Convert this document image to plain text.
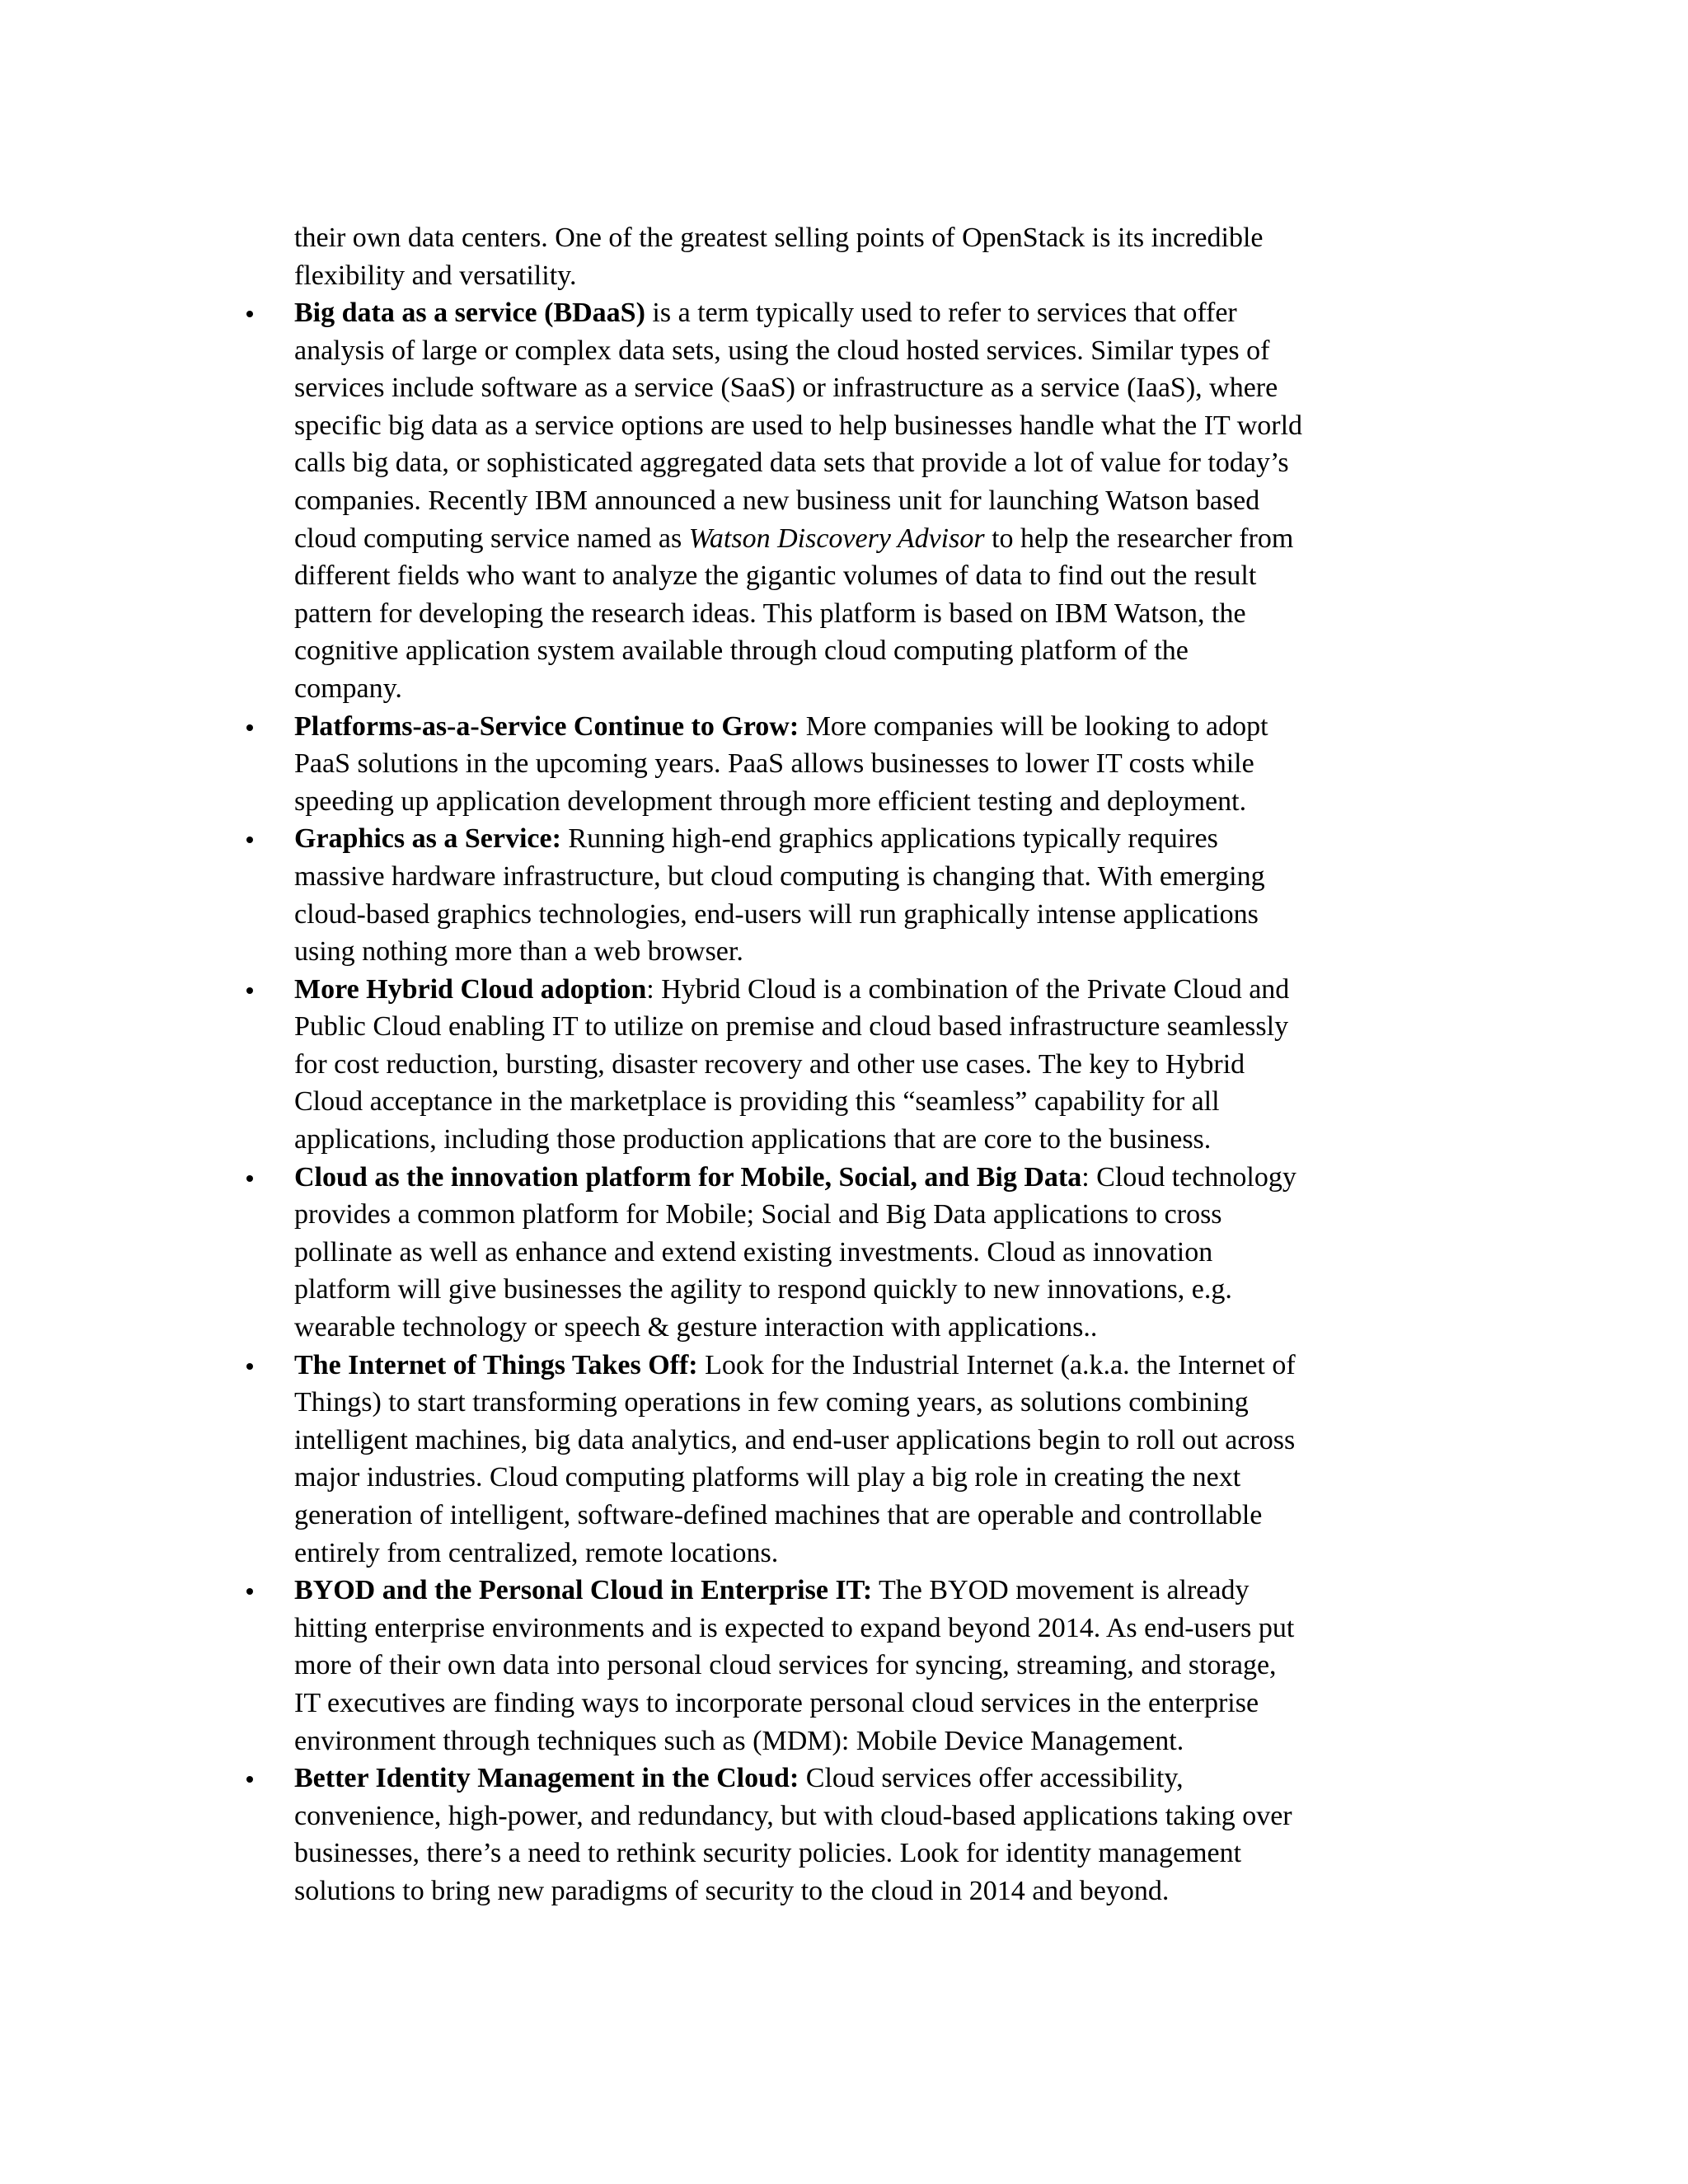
their own data centers. One of the greatest selling points of OpenStack is its incredible
flexibility and versatility.
Big data as a service (BDaaS) is a term typically used to refer to services that offer
analysis of large or complex data sets, using the cloud hosted services. Similar types of
services include software as a service (SaaS) or infrastructure as a service (IaaS), where
specific big data as a service options are used to help businesses handle what the IT world
calls big data, or sophisticated aggregated data sets that provide a lot of value for today’s
companies. Recently IBM announced a new business unit for launching Watson based
cloud computing service named as Watson Discovery Advisor to help the researcher from
different fields who want to analyze the gigantic volumes of data to find out the result
pattern for developing the research ideas. This platform is based on IBM Watson, the
cognitive application system available through cloud computing platform of the
company.
Platforms-as-a-Service Continue to Grow: More companies will be looking to adopt
PaaS solutions in the upcoming years. PaaS allows businesses to lower IT costs while
speeding up application development through more efficient testing and deployment.
Graphics as a Service: Running high-end graphics applications typically requires
massive hardware infrastructure, but cloud computing is changing that. With emerging
cloud-based graphics technologies, end-users will run graphically intense applications
using nothing more than a web browser.
More Hybrid Cloud adoption: Hybrid Cloud is a combination of the Private Cloud and
Public Cloud enabling IT to utilize on premise and cloud based infrastructure seamlessly
for cost reduction, bursting, disaster recovery and other use cases. The key to Hybrid
Cloud acceptance in the marketplace is providing this “seamless” capability for all
applications, including those production applications that are core to the business.
Cloud as the innovation platform for Mobile, Social, and Big Data: Cloud technology
provides a common platform for Mobile; Social and Big Data applications to cross
pollinate as well as enhance and extend existing investments. Cloud as innovation
platform will give businesses the agility to respond quickly to new innovations, e.g.
wearable technology or speech & gesture interaction with applications..
The Internet of Things Takes Off: Look for the Industrial Internet (a.k.a. the Internet of
Things) to start transforming operations in few coming years, as solutions combining
intelligent machines, big data analytics, and end-user applications begin to roll out across
major industries. Cloud computing platforms will play a big role in creating the next
generation of intelligent, software-defined machines that are operable and controllable
entirely from centralized, remote locations.
BYOD and the Personal Cloud in Enterprise IT: The BYOD movement is already
hitting enterprise environments and is expected to expand beyond 2014. As end-users put
more of their own data into personal cloud services for syncing, streaming, and storage,
IT executives are finding ways to incorporate personal cloud services in the enterprise
environment through techniques such as (MDM): Mobile Device Management.
Better Identity Management in the Cloud: Cloud services offer accessibility,
convenience, high-power, and redundancy, but with cloud-based applications taking over
businesses, there’s a need to rethink security policies. Look for identity management
solutions to bring new paradigms of security to the cloud in 2014 and beyond.
